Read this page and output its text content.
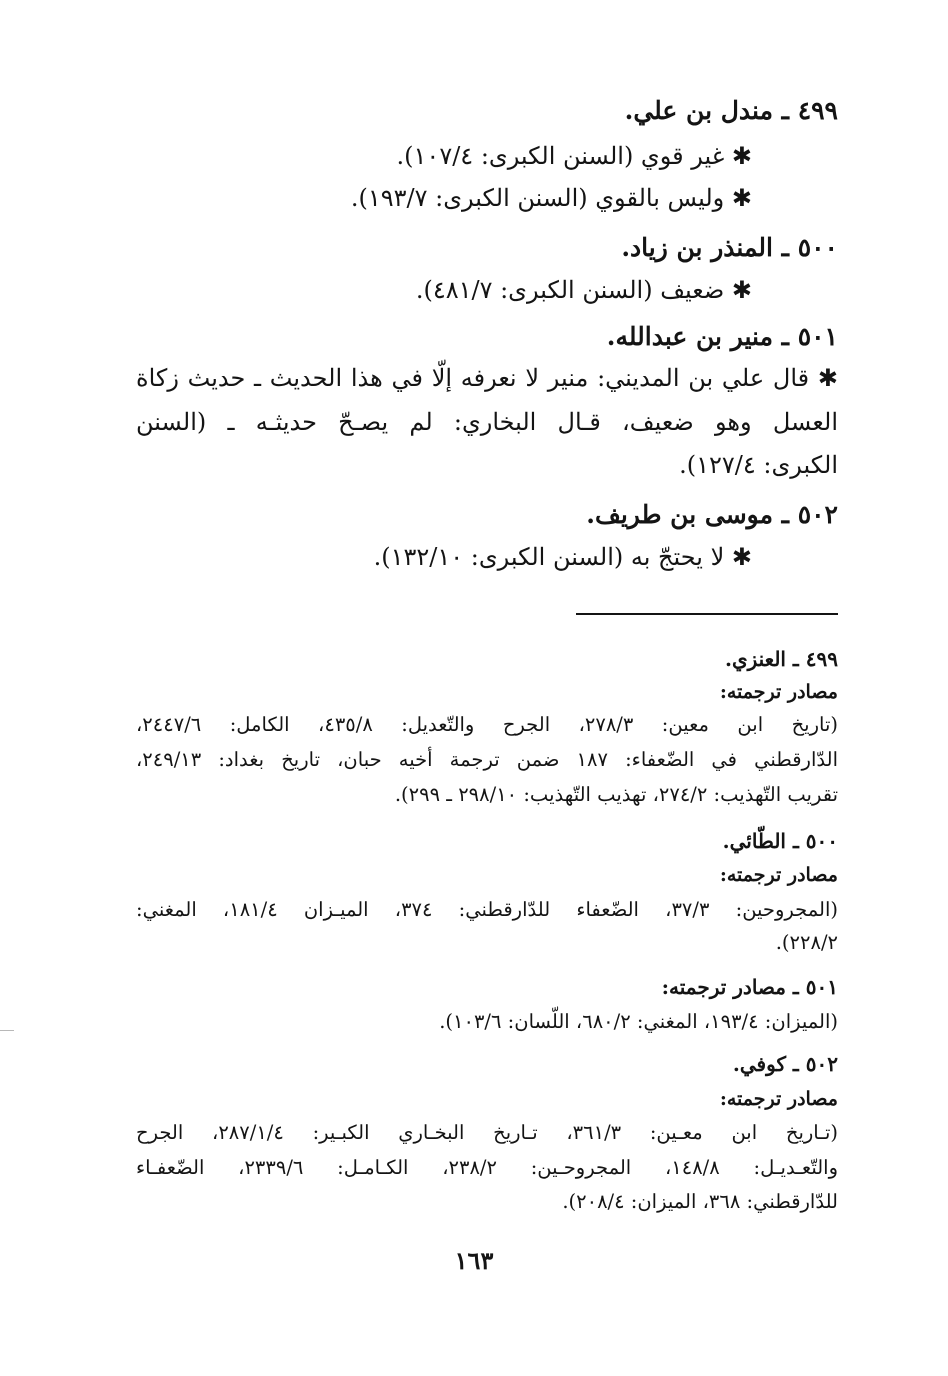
٤٩٩ ـ مندل بن علي.
✱ غير قوي (السنن الكبرى: ١٠٧/٤).
✱ وليس بالقوي (السنن الكبرى: ١٩٣/٧).
٥٠٠ ـ المنذر بن زياد.
✱ ضعيف (السنن الكبرى: ٤٨١/٧).
٥٠١ ـ منير بن عبدالله.
✱ قال علي بن المديني: منير لا نعرفه إلّا في هذا الحديث ـ حديث زكاة
العسل وهو ضعيف، قـال البخاري: لم يصـحّ حديثـه ـ (السنن
الكبرى: ١٢٧/٤).
٥٠٢ ـ موسى بن طريف.
✱ لا يحتجّ به (السنن الكبرى: ١٣٢/١٠).
٤٩٩ ـ العنزي.
مصادر ترجمته:
(تاريخ ابن معين: ٢٧٨/٣، الجرح والتّعديل: ٤٣٥/٨، الكامل: ٢٤٤٧/٦،
الدّارقطني في الضّعفاء: ١٨٧ ضمن ترجمة أخيه حبان، تاريخ بغداد: ٢٤٩/١٣،
تقريب التّهذيب: ٢٧٤/٢، تهذيب التّهذيب: ٢٩٨/١٠ ـ ٢٩٩).
٥٠٠ ـ الطّائي.
مصادر ترجمته:
(المجروحين: ٣٧/٣، الضّعفاء للدّارقطني: ٣٧٤، الميـزان ١٨١/٤، المغني:
٢٢٨/٢).
٥٠١ ـ مصادر ترجمته:
(الميزان: ١٩٣/٤، المغني: ٦٨٠/٢، اللّسان: ١٠٣/٦).
٥٠٢ ـ كوفي.
مصادر ترجمته:
(تـاريخ ابن معـين: ٣٦١/٣، تـاريخ البخـاري الكبـير: ٢٨٧/١/٤، الجرح
والتّعـديـل: ١٤٨/٨، المجروحـين: ٢٣٨/٢، الكـامـل: ٢٣٣٩/٦، الضّعفـاء
للدّارقطني: ٣٦٨، الميزان: ٢٠٨/٤).
١٦٣
